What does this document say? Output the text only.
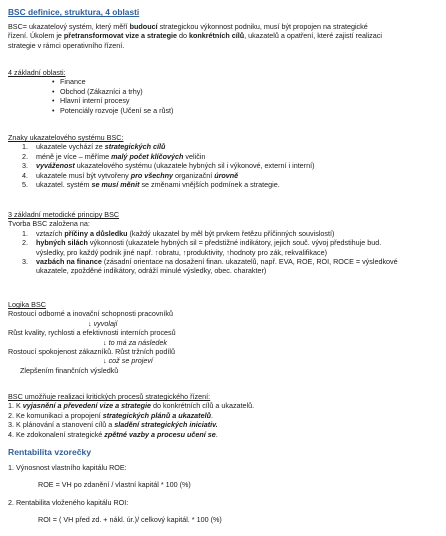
BSC definice, struktura, 4 oblasti
BSC= ukazatelový systém, který měří budoucí strategickou výkonnost podniku, musí být propojen na strategické
řízení. Úkolem je přetransformovat vize a strategie do konkrétních cílů, ukazatelů a opatření, které zajistí realizaci
strategie v rámci operativního řízení.
4 základní oblasti:
• Finance
• Obchod (Zákazníci a trhy)
• Hlavní interní procesy
• Potenciály rozvoje (Učení se a růst)
Znaky ukazatelového systému BSC:
1. ukazatele vychází ze strategických cílů
2. méně je více – měříme malý počet klíčových veličin
3. vyváženost ukazatelového systému (ukazatele hybných sil i výkonové, externí i interní)
4. ukazatele musí být vytvořeny pro všechny organizační úrovně
5. ukazatel. systém se musí měnit se změnami vnějších podmínek a strategie.
3 základní metodické principy BSC
Tvorba BSC založena na:
1. vztazích příčiny a důsledku (každý ukazatel by měl být prvkem řetězu příčinných souvislostí)
2. hybných silách výkonnosti (ukazatele hybných sil = předstižné indikátory, jejich souč. vývoj předstihuje bud.
výsledky, pro každý podnik jiné např. ↑obratu, ↑produktivity, ↑hodnoty pro zák, rekvalifikace)
3. vazbách na finance (zásadní orientace na dosažení finan. ukazatelů, např. EVA, ROE, ROI, ROCE = výsledkové
ukazatele, zpožděné indikátory, odráží minulé výsledky, obec. charakter)
Logika BSC
Rostoucí odborné a inovační schopnosti pracovníků
↓ vyvolají
Růst kvality, rychlosti a efektivnosti interních procesů
↓ to má za následek
Rostoucí spokojenost zákazníků. Růst tržních podílů
↓ což se projeví
Zlepšením finančních výsledků
BSC umožňuje realizaci kritických procesů strategického řízení:
1. K vyjasnění a převedení vize a strategie do konkrétních cílů a ukazatelů.
2. Ke komunikaci a propojení strategických plánů a ukazatelů.
3. K plánování a stanovení cílů a sladění strategických iniciativ.
4. Ke zdokonalení strategické zpětné vazby a procesu učení se.
Rentabilita vzorečky
1. Výnosnost vlastního kapitálu ROE:
ROE = VH po zdanění / vlastní kapitál * 100 (%)
2. Rentabilita vloženého kapitálu ROI:
ROI = ( VH před zd. + nákl. úr.)/ celkový kapitál. * 100 (%)
